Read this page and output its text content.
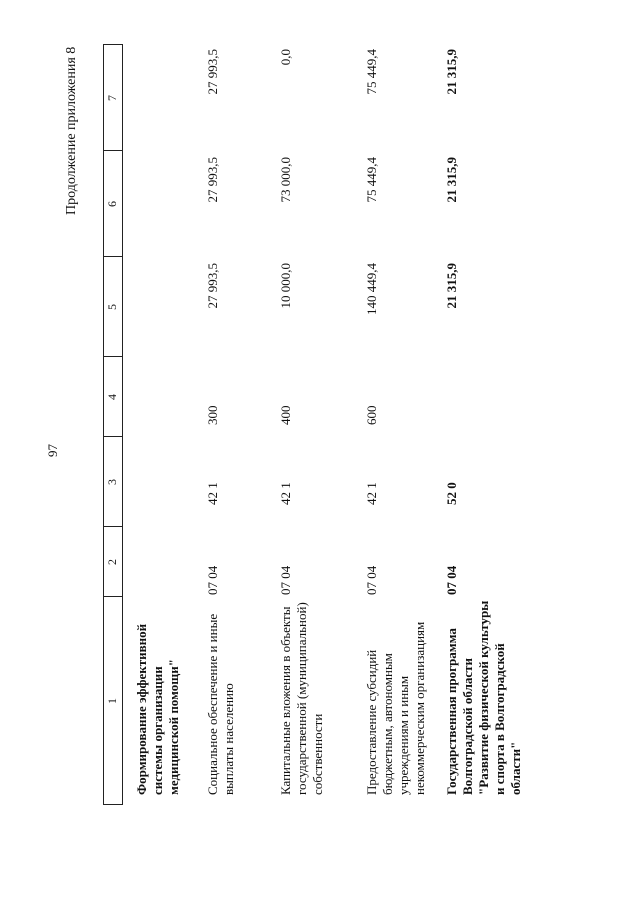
97
Продолжение приложения 8
1
2
3
4
5
6
7
Формирование эффективной системы организации медицинской помощи" Социальное обеспечение и иные выплаты населению
07 04
42 1
300
27 993,5
27 993,5
27 993,5
Капитальные вложения в объекты государственной (муниципальной) собственности
07 04
42 1
400
10 000,0
73 000,0
0,0
Предоставление субсидий бюджетным, автономным учреждениям и иным некоммерческим организациям
07 04
42 1
600
140 449,4
75 449,4
75 449,4
Государственная программа Волгоградской области "Развитие физической культуры и спорта в Волгоградской области"
07 04
52 0
21 315,9
21 315,9
21 315,9
